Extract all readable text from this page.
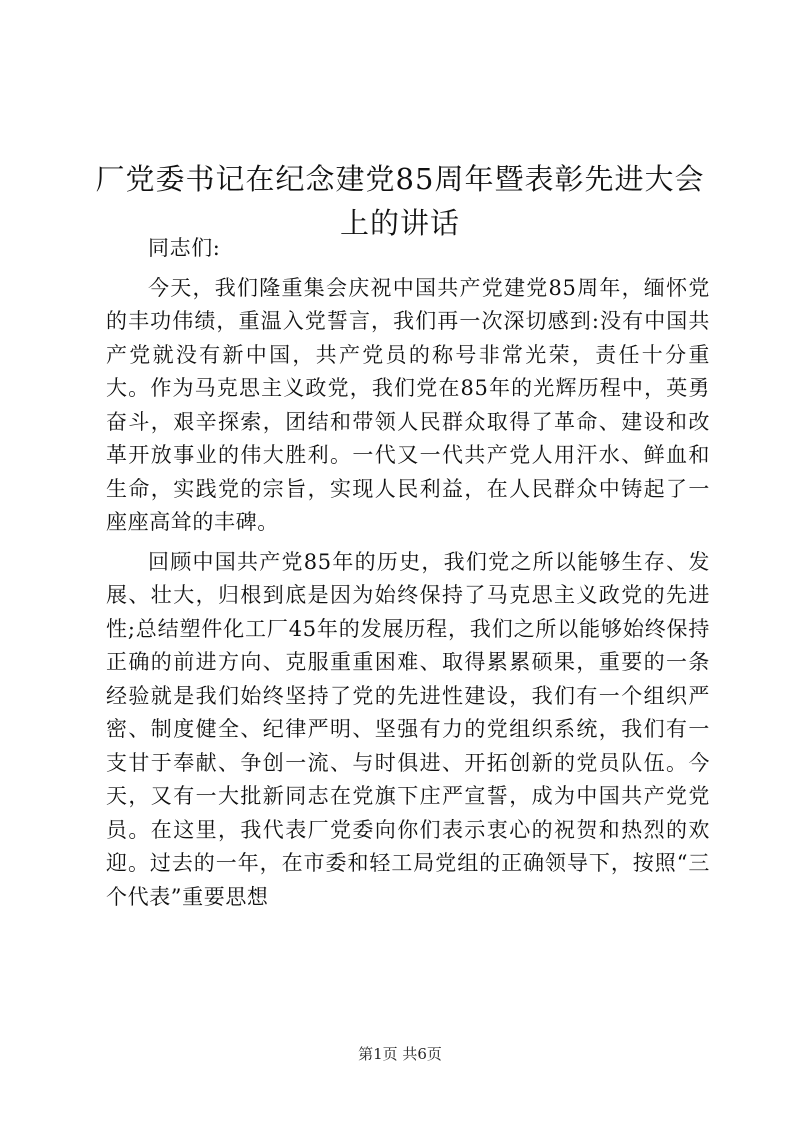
厂党委书记在纪念建党85周年暨表彰先进大会上的讲话

同志们:

今天，我们隆重集会庆祝中国共产党建党85周年，缅怀党的丰功伟绩，重温入党誓言，我们再一次深切感到:没有中国共产党就没有新中国，共产党员的称号非常光荣，责任十分重大。作为马克思主义政党，我们党在85年的光辉历程中，英勇奋斗，艰辛探索，团结和带领人民群众取得了革命、建设和改革开放事业的伟大胜利。一代又一代共产党人用汗水、鲜血和生命，实践党的宗旨，实现人民利益，在人民群众中铸起了一座座高耸的丰碑。

回顾中国共产党85年的历史，我们党之所以能够生存、发展、壮大，归根到底是因为始终保持了马克思主义政党的先进性;总结塑件化工厂45年的发展历程，我们之所以能够始终保持正确的前进方向、克服重重困难、取得累累硕果，重要的一条经验就是我们始终坚持了党的先进性建设，我们有一个组织严密、制度健全、纪律严明、坚强有力的党组织系统，我们有一支甘于奉献、争创一流、与时俱进、开拓创新的党员队伍。今天，又有一大批新同志在党旗下庄严宣誓，成为中国共产党党员。在这里，我代表厂党委向你们表示衷心的祝贺和热烈的欢迎。过去的一年，在市委和轻工局党组的正确领导下，按照“三个代表”重要思想

第1页 共6页
